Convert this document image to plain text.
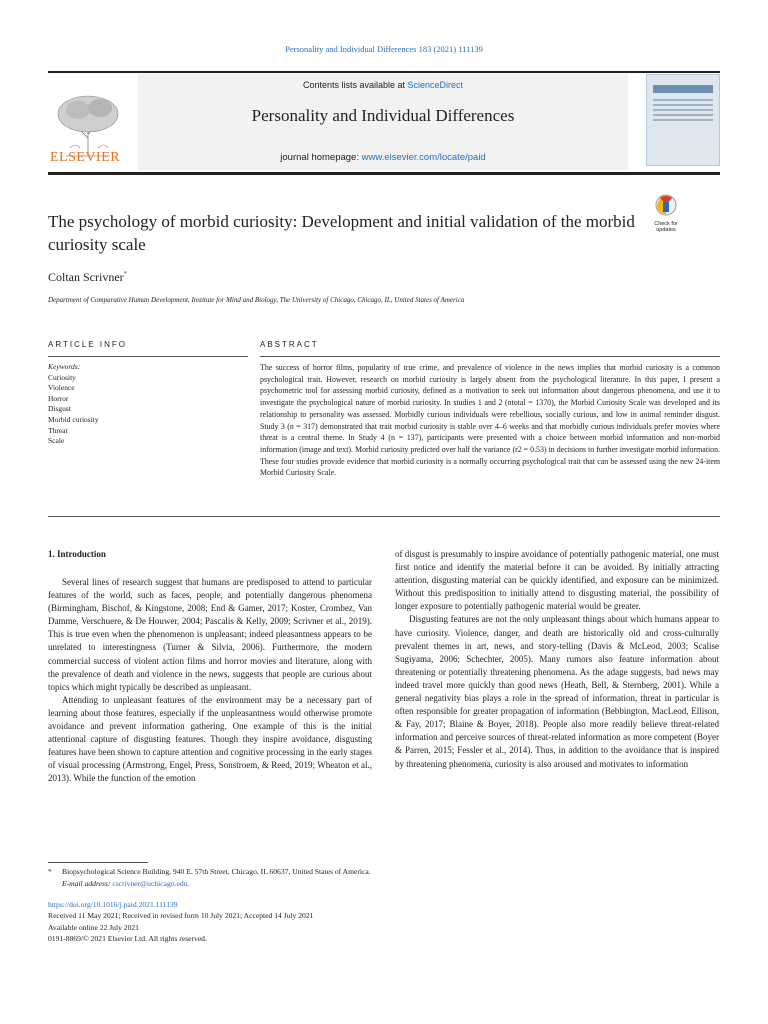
Personality and Individual Differences 183 (2021) 111139
ELSEVIER
Contents lists available at ScienceDirect
Personality and Individual Differences
journal homepage: www.elsevier.com/locate/paid
The psychology of morbid curiosity: Development and initial validation of the morbid curiosity scale
Check for
updates
Coltan Scrivner*
Department of Comparative Human Development, Institute for Mind and Biology, The University of Chicago, Chicago, IL, United States of America
ARTICLE INFO
Keywords:
Curiosity
Violence
Horror
Disgust
Morbid curiosity
Threat
Scale
ABSTRACT
The success of horror films, popularity of true crime, and prevalence of violence in the news implies that morbid curiosity is a common psychological trait. However, research on morbid curiosity is largely absent from the psychological literature. In this paper, I present a psychometric tool for assessing morbid curiosity, defined as a motivation to seek out information about dangerous phenomena, and use it to investigate the psychological nature of morbid curiosity. In studies 1 and 2 (ntotal = 1370), the Morbid Curiosity Scale was developed and its relationship to personality was assessed. Morbidly curious individuals were rebellious, socially curious, and low in animal reminder disgust. Study 3 (n = 317) demonstrated that trait morbid curiosity is stable over 4–6 weeks and that morbidly curious individuals prefer movies where threat is a central theme. In Study 4 (n = 137), participants were presented with a choice between morbid information and non-morbid information (image and text). Morbid curiosity predicted over half the variance (r2 = 0.53) in decisions to further investigate morbid information. These four studies provide evidence that morbid curiosity is a normally occurring psychological trait that can be assessed using the new 24-item Morbid Curiosity Scale.
1. Introduction

Several lines of research suggest that humans are predisposed to attend to particular features of the world, such as faces, people, and potentially dangerous phenomena (Birmingham, Bischof, & Kingstone, 2008; End & Gamer, 2017; Koster, Crombez, Van Damme, Verschuere, & De Houwer, 2004; Pascalis & Kelly, 2009; Scrivner et al., 2019). This is true even when the phenomenon is unpleasant; indeed pleasantness appears to be unrelated to interestingness (Turner & Silvia, 2006). Furthermore, the modern commercial success of violent action films and horror movies and literature, along with the prevalence of death and violence in the news, suggests that people are curious about topics which might typically be described as unpleasant.

Attending to unpleasant features of the environment may be a necessary part of learning about those features, especially if the unpleasantness would otherwise promote avoidance and prevent information gathering. One example of this is the initial attentional capture of disgusting features. Though they inspire avoidance, disgusting features have been shown to capture attention and cognitive processing in the early stages of visual processing (Armstrong, Engel, Press, Sonstroem, & Reed, 2019; Wheaton et al., 2013). While the function of the emotion

of disgust is presumably to inspire avoidance of potentially pathogenic material, one must first notice and identify the material before it can be avoided. By initially attracting attention, disgusting material can be quickly identified, and exposure can be minimized. Without this predisposition to initially attend to disgusting material, the possibility of longer exposure to potentially pathogenic material would be greater.

Disgusting features are not the only unpleasant things about which humans appear to have curiosity. Violence, danger, and death are historically old and cross-culturally prevalent themes in art, news, and story-telling (Davis & McLeod, 2003; Scalise Sugiyama, 2006; Schechter, 2005). Many rumors also feature information about threatening or potentially threatening phenomena. As the adage suggests, bad news may indeed travel more quickly than good news (Heath, Bell, & Sternberg, 2001). While a general negativity bias plays a role in the spread of information, threat in particular is often responsible for greater propagation of information (Bebbington, MacLeod, Ellison, & Fay, 2017; Blaine & Boyer, 2018). People also more readily believe threat-related information and perceive sources of threat-related information as more competent (Boyer & Parren, 2015; Fessler et al., 2014). Thus, in addition to the avoidance that is inspired by threatening phenomena, curiosity is also aroused and motivates to information

* Biopsychological Science Building, 940 E. 57th Street, Chicago, IL 60637, United States of America.
E-mail address: cscrivner@uchicago.edu.
https://doi.org/10.1016/j.paid.2021.111139
Received 11 May 2021; Received in revised form 10 July 2021; Accepted 14 July 2021
Available online 22 July 2021
0191-8869/© 2021 Elsevier Ltd. All rights reserved.
